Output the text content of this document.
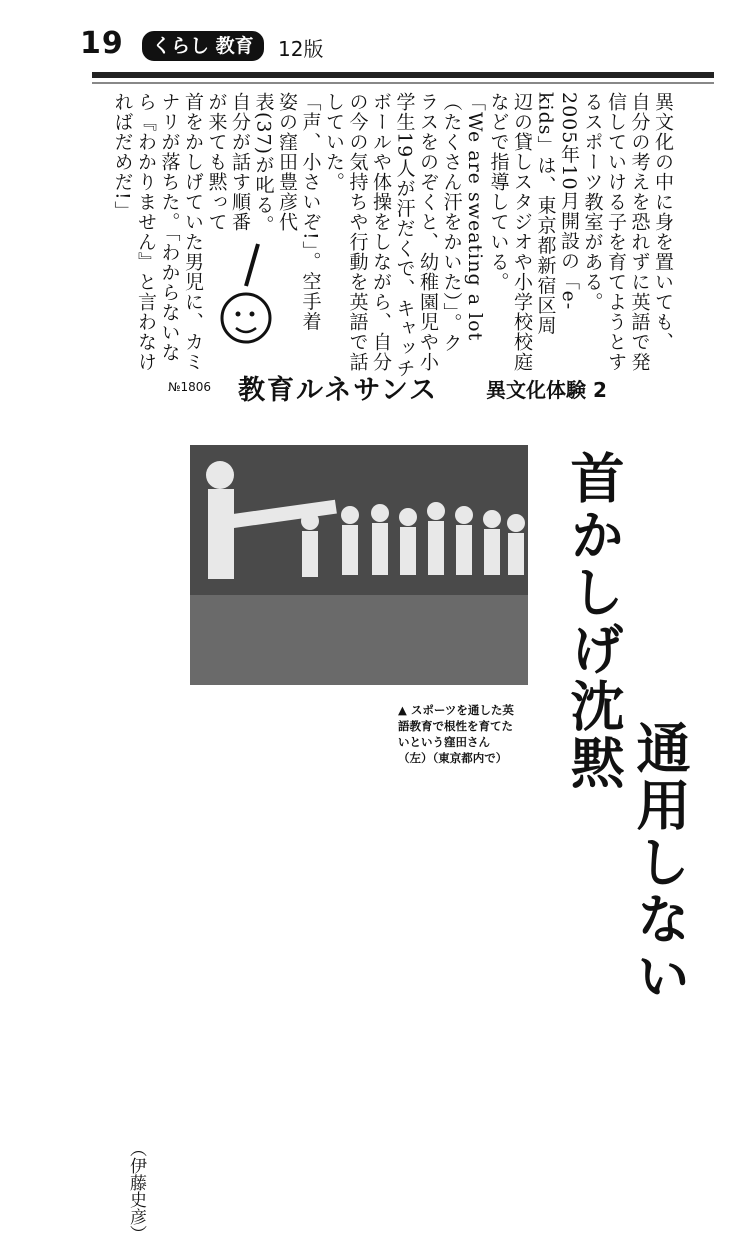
19	くらし 教育	12版
異文化の中に身を置いても、
自分の考えを恐れずに英語で発
信していける子を育てようとす
るスポーツ教室がある。
2005年10月開設の「e-
kids」は、東京都新宿区周
辺の貸しスタジオや小学校校庭
などで指導している。
「We are sweating a lot
（たくさん汗をかいた）」。ク
ラスをのぞくと、幼稚園児や小
学生19人が汗だくで、キャッチ
ボールや体操をしながら、自分
の今の気持ちや行動を英語で話
していた。
「声、小さいぞ!」。空手着
姿の窪田豊彦代
表(37)が叱る。
自分が話す順番
が来ても黙って
首をかしげていた男児に、カミ
ナリが落ちた。「わからないな
ら『わかりません』と言わなけ
ればだめだ!」
№1806 教育ルネサンス 異文化体験 2
首かしげ沈黙
通用しない
▲ スポーツを通した英語教育で根性を育てたいという窪田さん（左）（東京都内で）
（伊藤史彦）
